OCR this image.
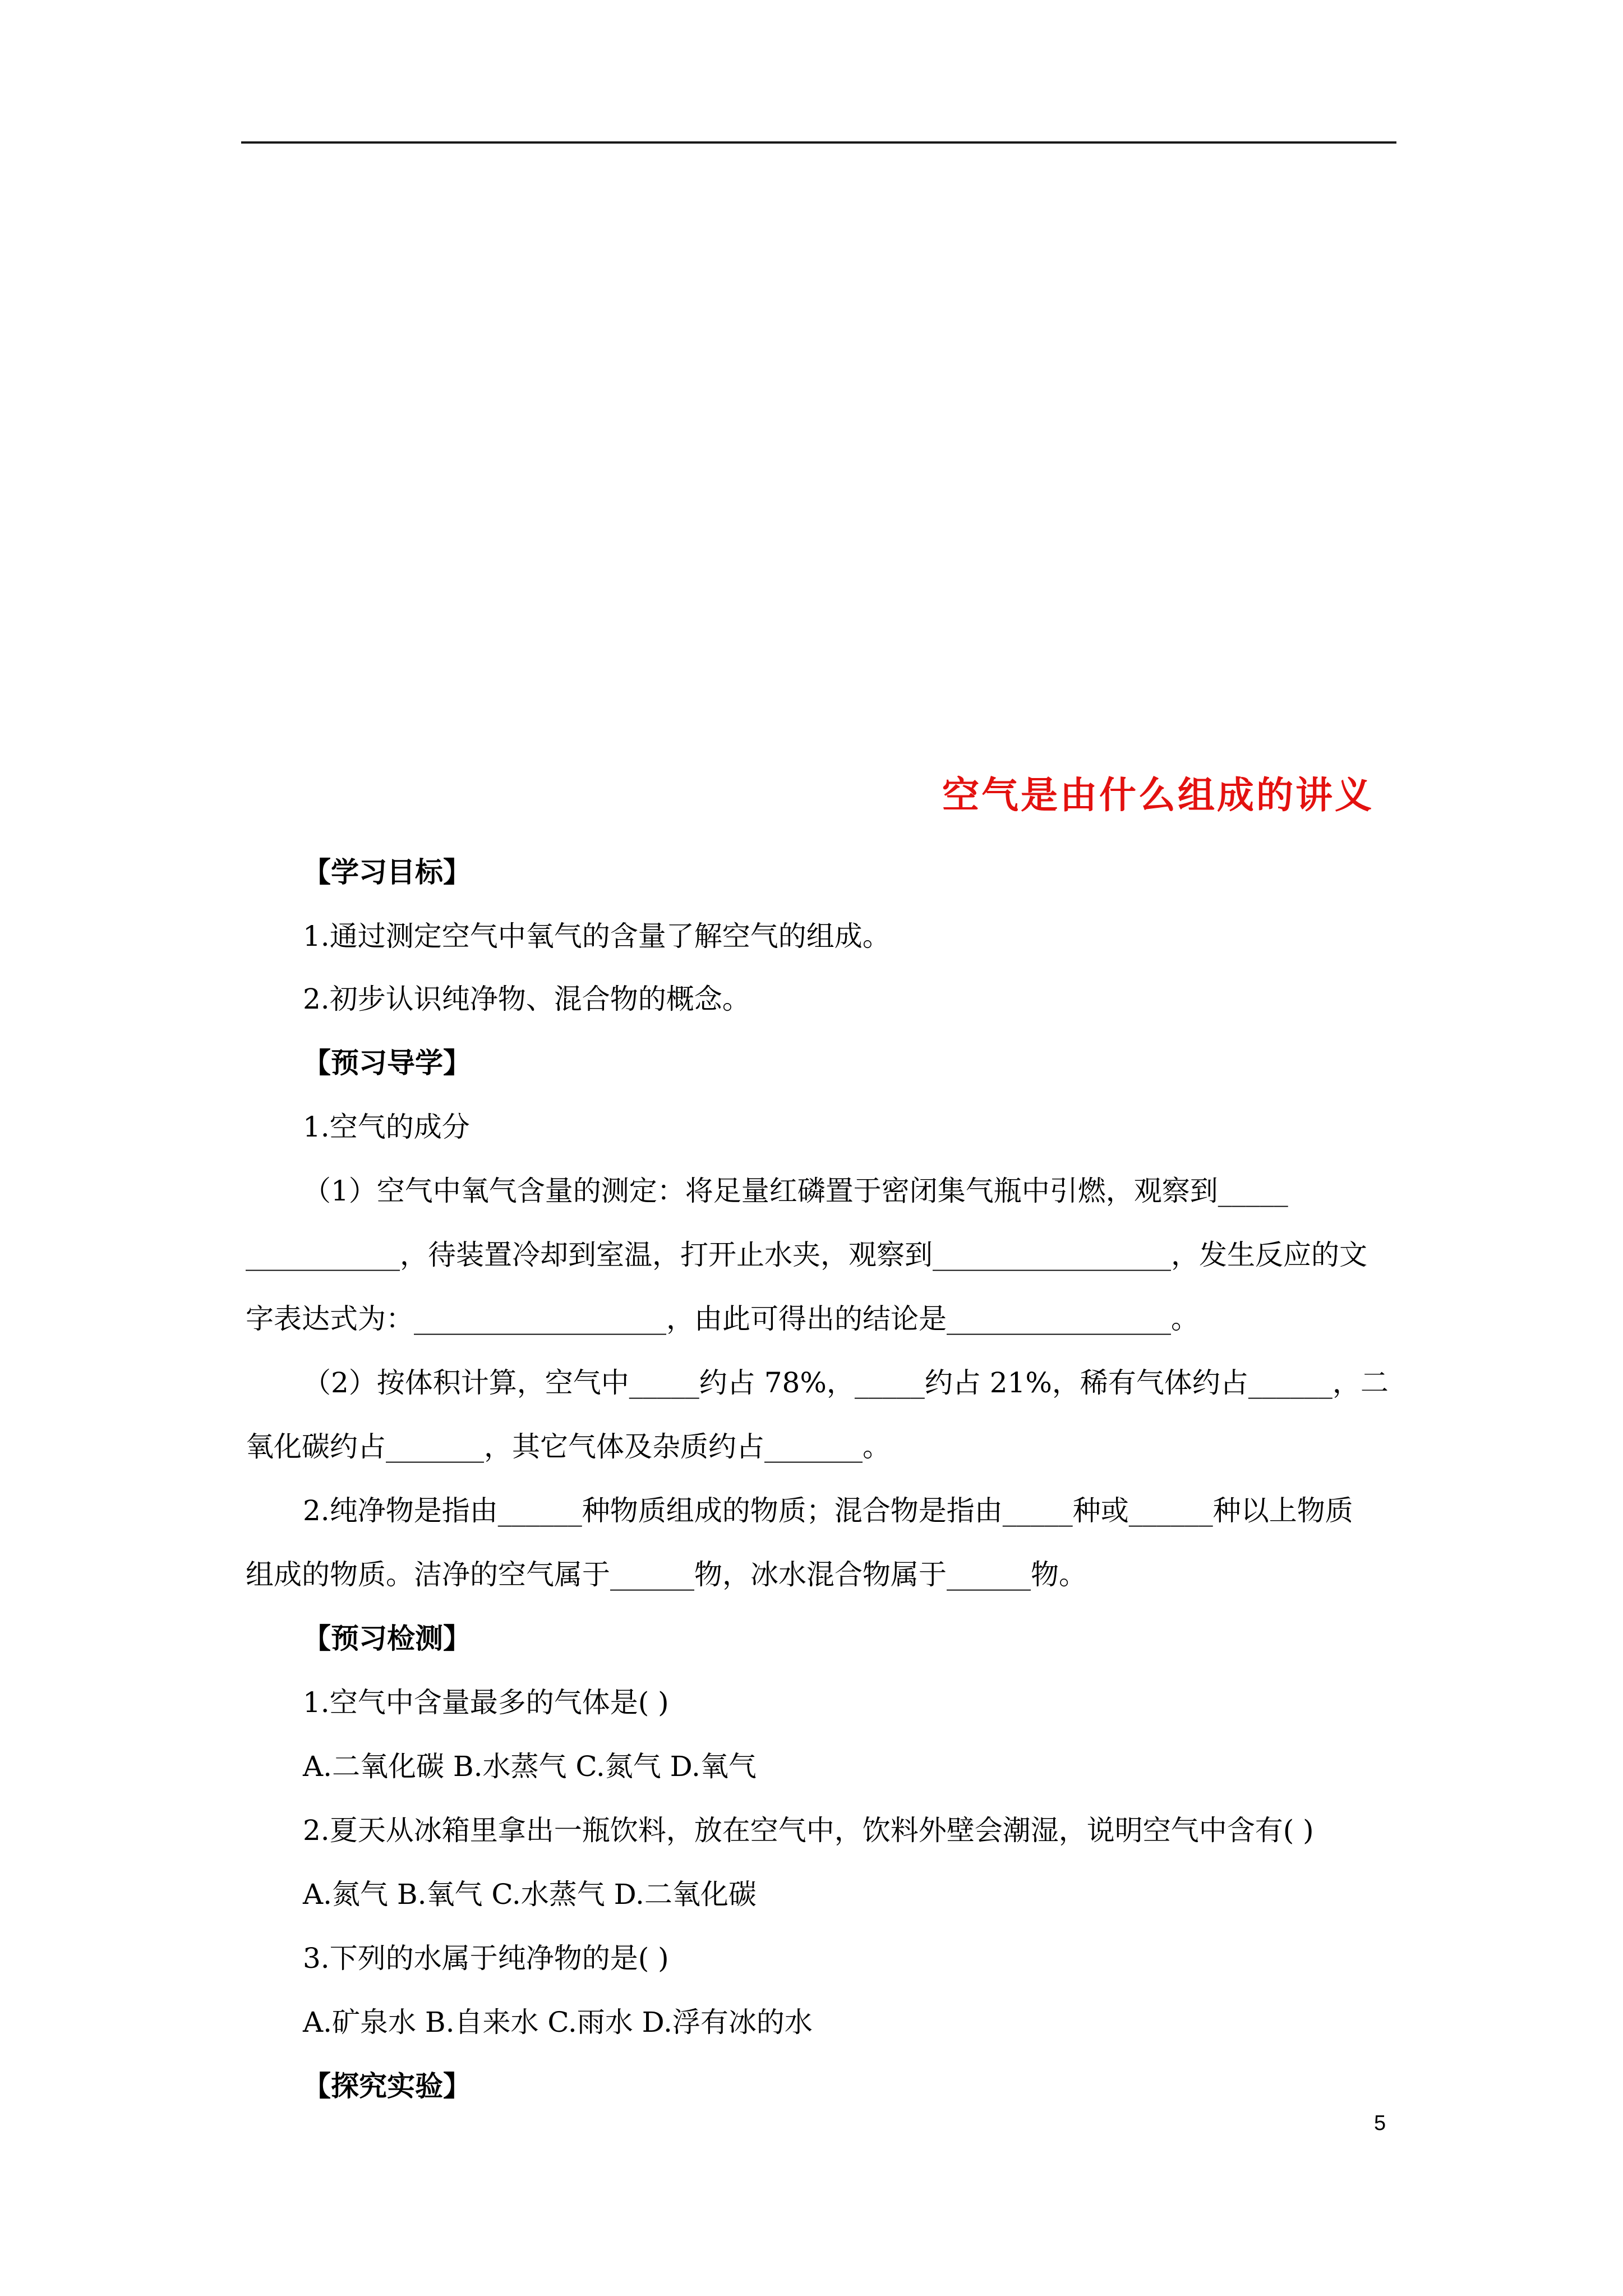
空气是由什么组成的讲义
【学习目标】
1.通过测定空气中氧气的含量了解空气的组成。
2.初步认识纯净物、混合物的概念。
【预习导学】
1.空气的成分
（1）空气中氧气含量的测定：将足量红磷置于密闭集气瓶中引燃，观察到_____
___________，待装置冷却到室温，打开止水夹，观察到_________________，发生反应的文
字表达式为：__________________，由此可得出的结论是________________。
（2）按体积计算，空气中_____约占 78%，_____约占 21%，稀有气体约占______，二
氧化碳约占_______，其它气体及杂质约占_______。
2.纯净物是指由______种物质组成的物质；混合物是指由_____种或______种以上物质
组成的物质。洁净的空气属于______物，冰水混合物属于______物。
【预习检测】
1.空气中含量最多的气体是( )
A.二氧化碳 B.水蒸气 C.氮气 D.氧气
2.夏天从冰箱里拿出一瓶饮料，放在空气中，饮料外壁会潮湿，说明空气中含有( )
A.氮气 B.氧气 C.水蒸气 D.二氧化碳
3.下列的水属于纯净物的是( )
A.矿泉水 B.自来水 C.雨水 D.浮有冰的水
【探究实验】
5
